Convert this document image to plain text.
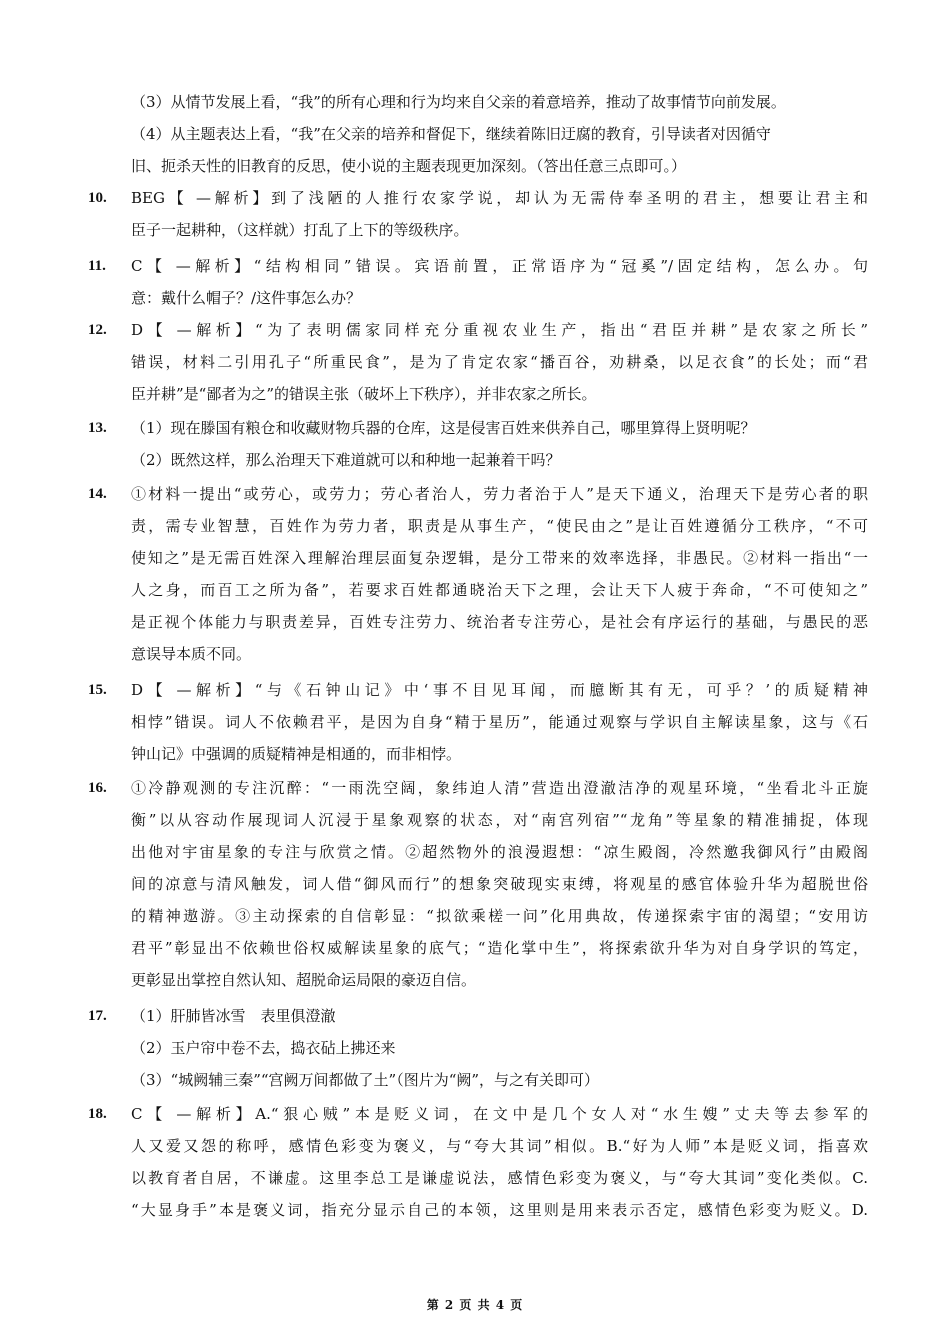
（3）从情节发展上看，“我”的所有心理和行为均来自父亲的着意培养，推动了故事情节向前发展。
（4）从主题表达上看，“我”在父亲的培养和督促下，继续着陈旧迂腐的教育，引导读者对因循守
旧、扼杀天性的旧教育的反思，使小说的主题表现更加深刻。（答出任意三点即可。）
10.	BEG【 —解析】到了浅陋的人推行农家学说，却认为无需侍奉圣明的君主，想要让君主和
臣子一起耕种，（这样就）打乱了上下的等级秩序。
11.	C【 —解析】“结构相同”错误。宾语前置，正常语序为“冠奚”/固定结构，怎么办。句
意：戴什么帽子？/这件事怎么办？
12.	D【 —解析】“为了表明儒家同样充分重视农业生产，指出“君臣并耕”是农家之所长”
错误，材料二引用孔子“所重民食”，是为了肯定农家“播百谷，劝耕桑，以足衣食”的长处；而“君
臣并耕”是“鄙者为之”的错误主张（破坏上下秩序），并非农家之所长。
13.	（1）现在滕国有粮仓和收藏财物兵器的仓库，这是侵害百姓来供养自己，哪里算得上贤明呢？
（2）既然这样，那么治理天下难道就可以和种地一起兼着干吗？
14.	①材料一提出“或劳心，或劳力；劳心者治人，劳力者治于人”是天下通义，治理天下是劳心者的职
责，需专业智慧，百姓作为劳力者，职责是从事生产，“使民由之”是让百姓遵循分工秩序，“不可
使知之”是无需百姓深入理解治理层面复杂逻辑，是分工带来的效率选择，非愚民。②材料一指出“一
人之身，而百工之所为备”，若要求百姓都通晓治天下之理，会让天下人疲于奔命，“不可使知之”
是正视个体能力与职责差异，百姓专注劳力、统治者专注劳心，是社会有序运行的基础，与愚民的恶
意误导本质不同。
15.	D【 —解析】“与《石钟山记》中‘事不目见耳闻，而臆断其有无，可乎？’的质疑精神
相悖”错误。词人不依赖君平，是因为自身“精于星历”，能通过观察与学识自主解读星象，这与《石
钟山记》中强调的质疑精神是相通的，而非相悖。
16.	①冷静观测的专注沉醉：“一雨洗空阔，象纬迫人清”营造出澄澈洁净的观星环境，“坐看北斗正旋
衡”以从容动作展现词人沉浸于星象观察的状态，对“南宫列宿”“龙角”等星象的精准捕捉，体现
出他对宇宙星象的专注与欣赏之情。②超然物外的浪漫遐想：“凉生殿阁，冷然邀我御风行”由殿阁
间的凉意与清风触发，词人借“御风而行”的想象突破现实束缚，将观星的感官体验升华为超脱世俗
的精神遨游。③主动探索的自信彰显：“拟欲乘槎一问”化用典故，传递探索宇宙的渴望；“安用访
君平”彰显出不依赖世俗权威解读星象的底气；“造化掌中生”，将探索欲升华为对自身学识的笃定，
更彰显出掌控自然认知、超脱命运局限的豪迈自信。
17.	（1）肝肺皆冰雪　表里俱澄澈
（2）玉户帘中卷不去，捣衣砧上拂还来
（3）“城阙辅三秦”“宫阙万间都做了土”（图片为“阙”，与之有关即可）
18.	C【 —解析】A.“狠心贼”本是贬义词，在文中是几个女人对“水生嫂”丈夫等去参军的
人又爱又怨的称呼，感情色彩变为褒义，与“夸大其词”相似。B.“好为人师”本是贬义词，指喜欢
以教育者自居，不谦虚。这里李总工是谦虚说法，感情色彩变为褒义，与“夸大其词”变化类似。C.
“大显身手”本是褒义词，指充分显示自己的本领，这里则是用来表示否定，感情色彩变为贬义。D.
第 2 页 共 4 页
